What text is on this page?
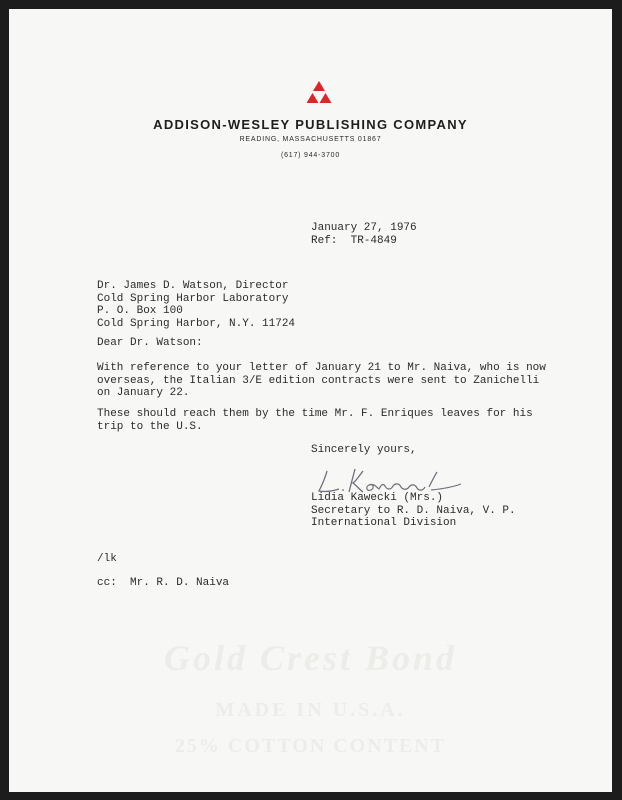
ADDISON-WESLEY PUBLISHING COMPANY
READING, MASSACHUSETTS 01867
(617) 944-3700

January 27, 1976

Ref:  TR-4849

Dr. James D. Watson, Director

Cold Spring Harbor Laboratory

P. O. Box 100

Cold Spring Harbor, N.Y. 11724

Dear Dr. Watson:

With reference to your letter of January 21 to Mr. Naiva, who is now

overseas, the Italian 3/E edition contracts were sent to Zanichelli

on January 22.

These should reach them by the time Mr. F. Enriques leaves for his

trip to the U.S.

Sincerely yours,

Lidia Kawecki (Mrs.)

Secretary to R. D. Naiva, V. P.

International Division

/lk

cc:  Mr. R. D. Naiva

Gold Crest Bond
MADE IN U.S.A.
25% COTTON CONTENT
